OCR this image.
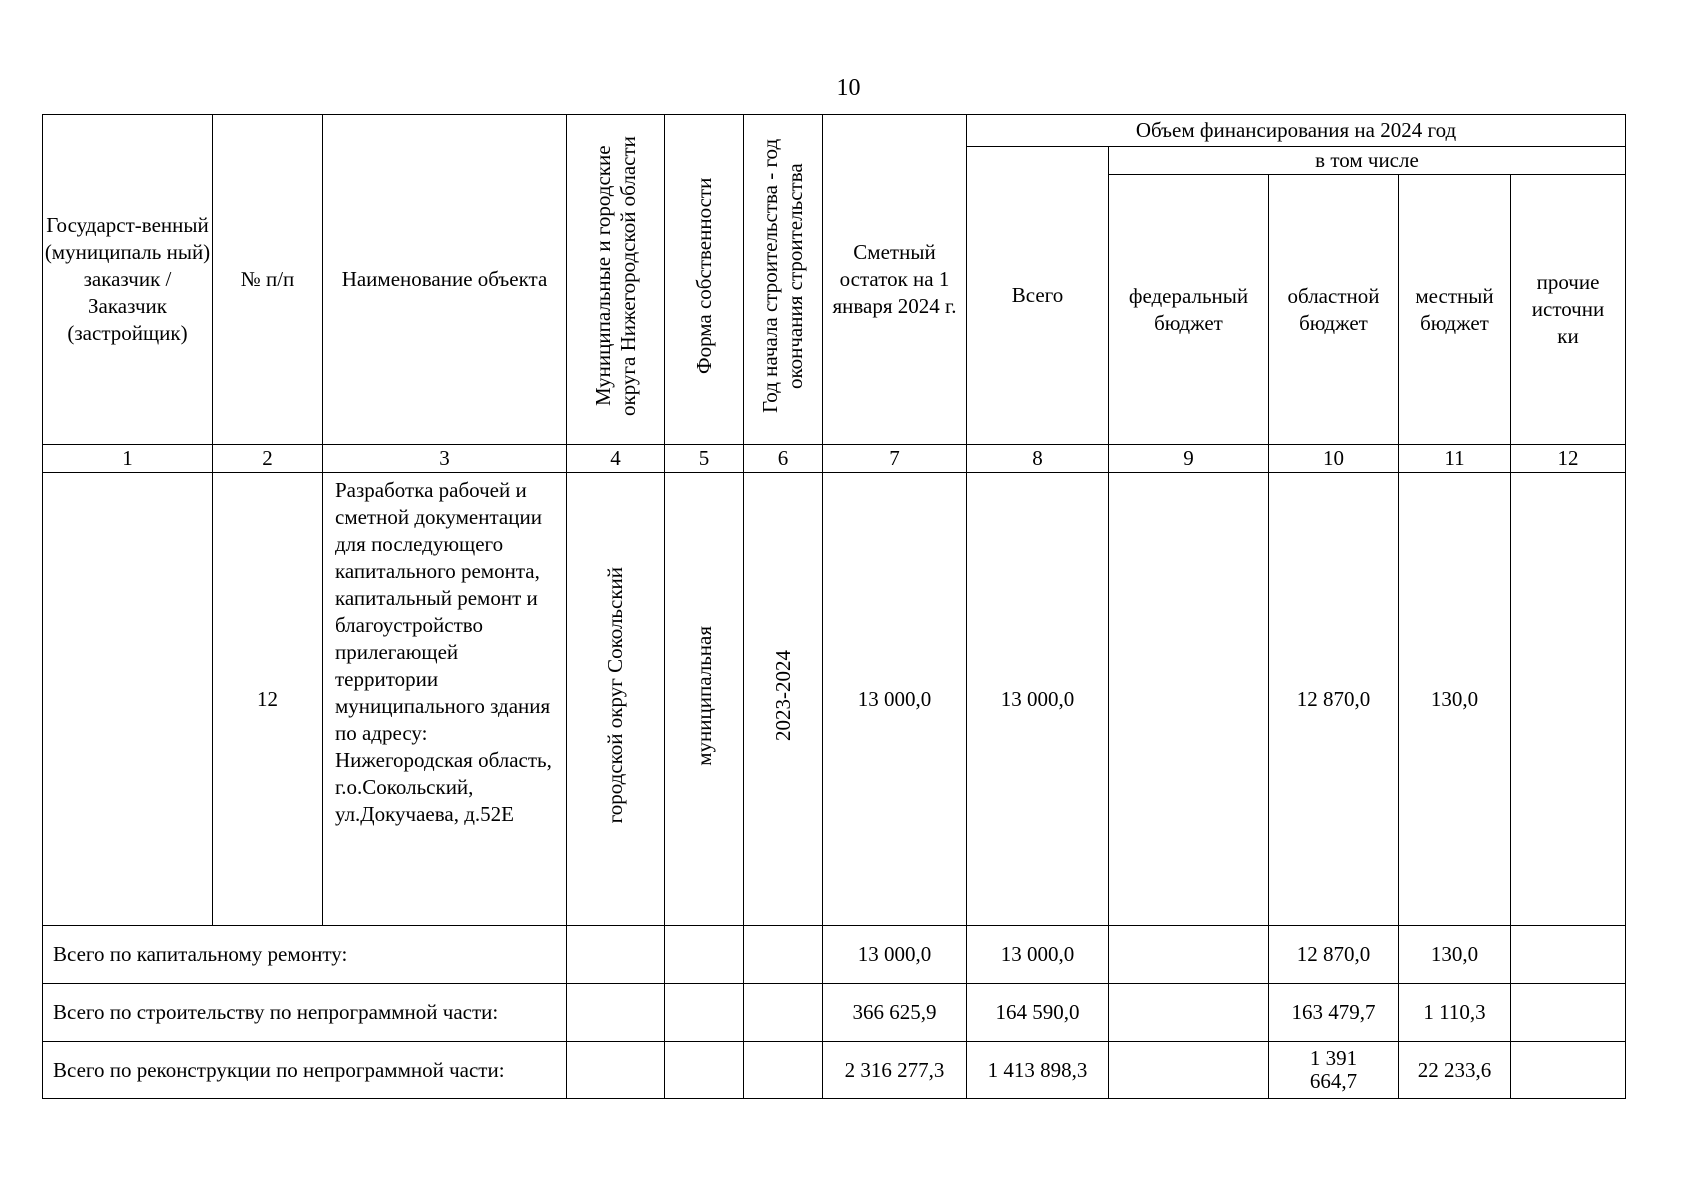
10
Государст-венный (муниципаль ный) заказчик / Заказчик (застройщик)	№ п/п	Наименование объекта	Муниципальные и городские округа Нижегородской области	Форма собственности	Год начала строительства - год окончания строительства	Сметный остаток на 1 января 2024 г.	Объем финансирования на 2024 год				
							Всего	в том числе			
								федеральный бюджет	областной бюджет	местный бюджет	прочие источни ки
1	2	3	4	5	6	7	8	9	10	11	12
	12	Разработка рабочей и сметной документации для последующего капитального ремонта, капитальный ремонт и благоустройство прилегающей территории муниципального здания по адресу: Нижегородская область, г.о.Сокольский, ул.Докучаева, д.52Е	городской округ Сокольский	муниципальная	2023-2024	13 000,0	13 000,0		12 870,0	130,0	
Всего по капитальному ремонту:						13 000,0	13 000,0		12 870,0	130,0	
Всего по строительству по непрограммной части:						366 625,9	164 590,0		163 479,7	1 110,3	
Всего по реконструкции по непрограммной части:						2 316 277,3	1 413 898,3		1 391 664,7	22 233,6	
